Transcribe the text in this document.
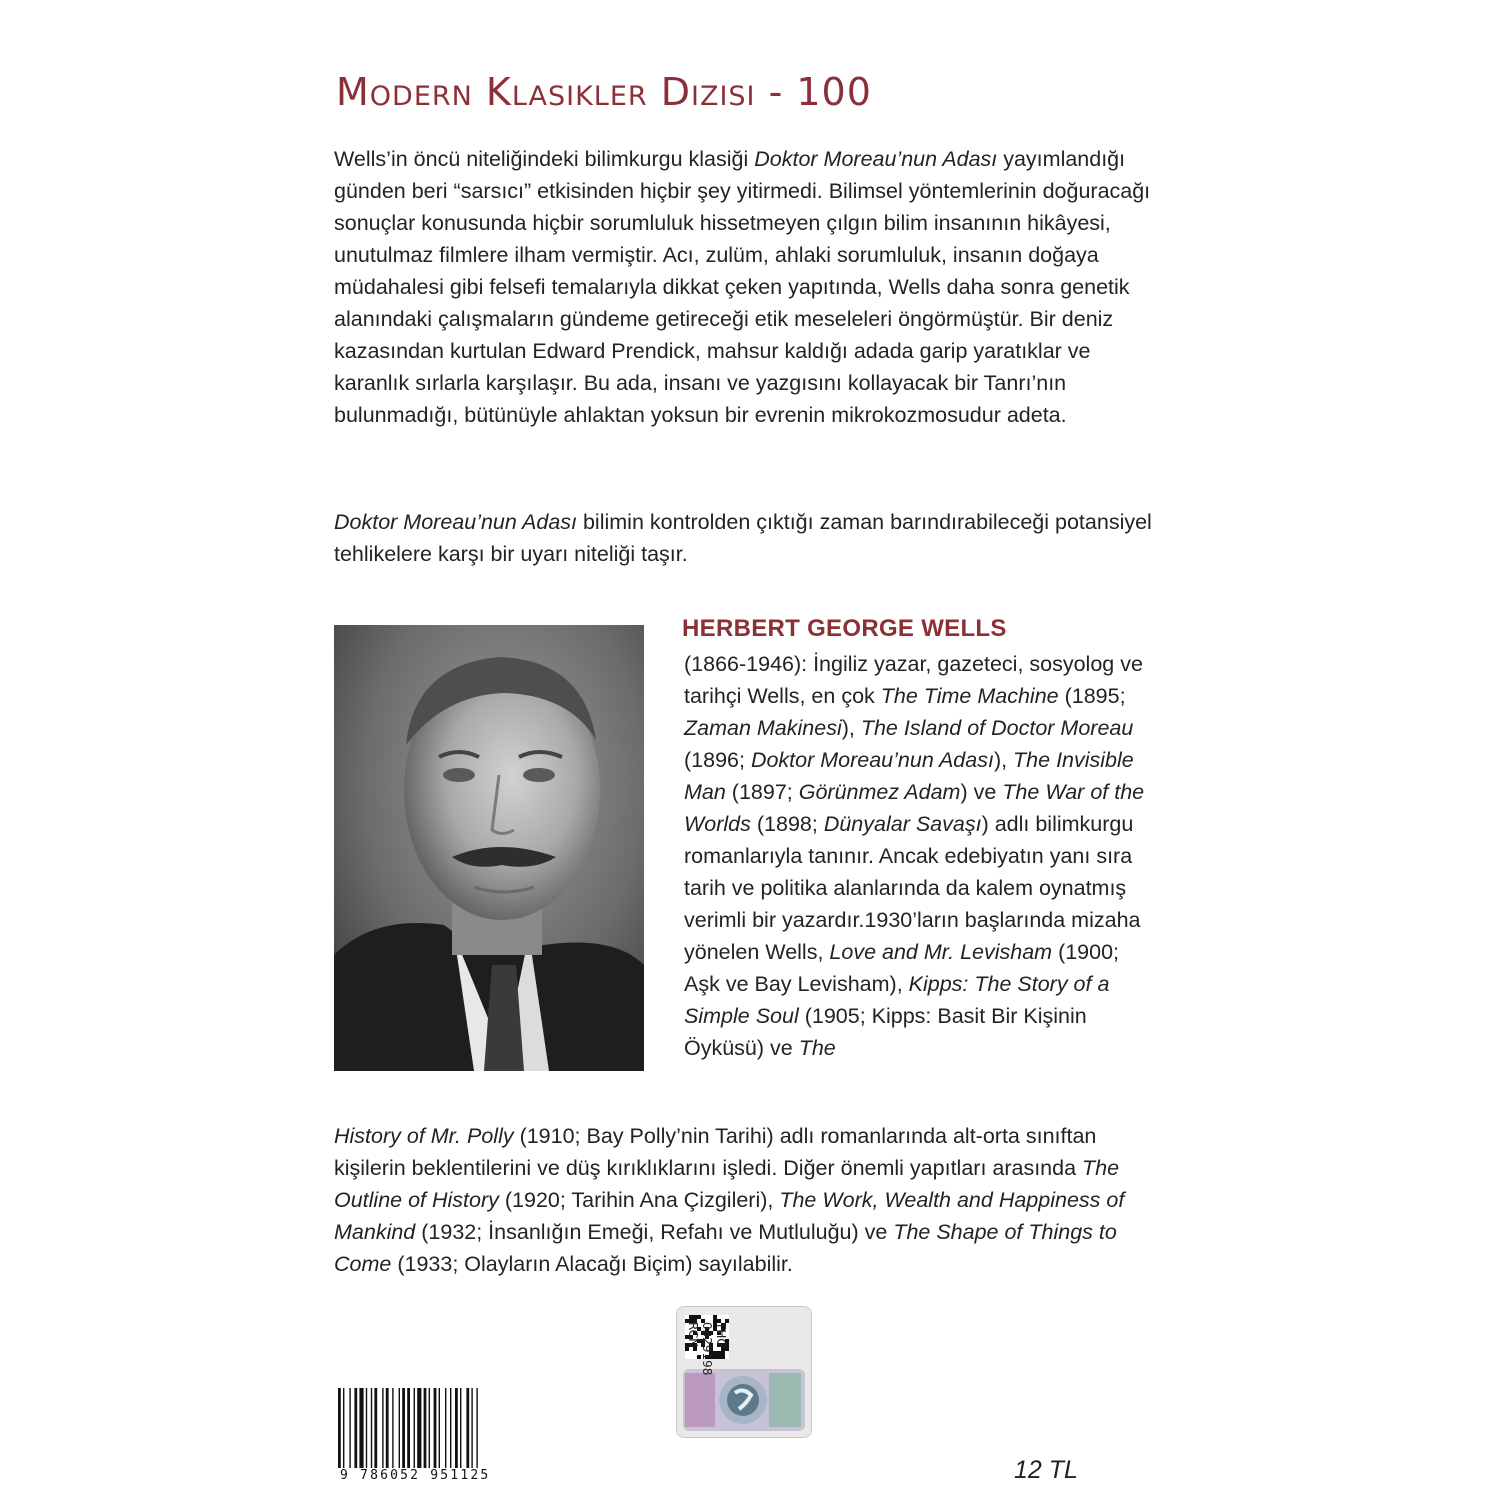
Modern Klasikler Dizisi - 100

Wells’in öncü niteliğindeki bilimkurgu klasiği Doktor Moreau’nun Adası yayımlandığı günden beri “sarsıcı” etkisinden hiçbir şey yitirmedi. Bilimsel yöntemlerinin doğuracağı sonuçlar konusunda hiçbir sorumluluk hissetmeyen çılgın bilim insanının hikâyesi, unutulmaz filmlere ilham vermiştir. Acı, zulüm, ahlaki sorumluluk, insanın doğaya müdahalesi gibi felsefi temalarıyla dikkat çeken yapıtında, Wells daha sonra genetik alanındaki çalışmaların gündeme getireceği etik meseleleri öngörmüştür. Bir deniz kazasından kurtulan Edward Prendick, mahsur kaldığı adada garip yaratıklar ve karanlık sırlarla karşılaşır. Bu ada, insanı ve yazgısını kollayacak bir Tanrı’nın bulunmadığı, bütünüyle ahlaktan yoksun bir evrenin mikrokozmosudur adeta.

Doktor Moreau’nun Adası bilimin kontrolden çıktığı zaman barındırabileceği potansiyel tehlikelere karşı bir uyarı niteliği taşır.

HERBERT GEORGE WELLS

(1866-1946): İngiliz yazar, gazeteci, sosyolog ve tarihçi Wells, en çok The Time Machine (1895; Zaman Makinesi), The Island of Doctor Moreau (1896; Doktor Moreau’nun Adası), The Invisible Man (1897; Görünmez Adam) ve The War of the Worlds (1898; Dünyalar Savaşı) adlı bilimkurgu romanlarıyla tanınır. Ancak edebiyatın yanı sıra tarih ve politika alanlarında da kalem oynatmış verimli bir yazardır.1930’ların başlarında mizaha yönelen Wells, Love and Mr. Levisham (1900; Aşk ve Bay Levisham), Kipps: The Story of a Simple Soul (1905; Kipps: Basit Bir Kişinin Öyküsü) ve The

History of Mr. Polly (1910; Bay Polly’nin Tarihi) adlı romanlarında alt-orta sınıftan kişilerin beklentilerini ve düş kırıklıklarını işledi. Diğer önemli yapıtları arasında The Outline of History (1920; Tarihin Ana Çizgileri), The Work, Wealth and Happiness of Mankind (1932; İnsanlığın Emeği, Refahı ve Mutluluğu) ve The Shape of Things to Come (1933; Olayların Alacağı Biçim) sayılabilir.

9 786052 951125
THG
0329198
RCN

12 TL
